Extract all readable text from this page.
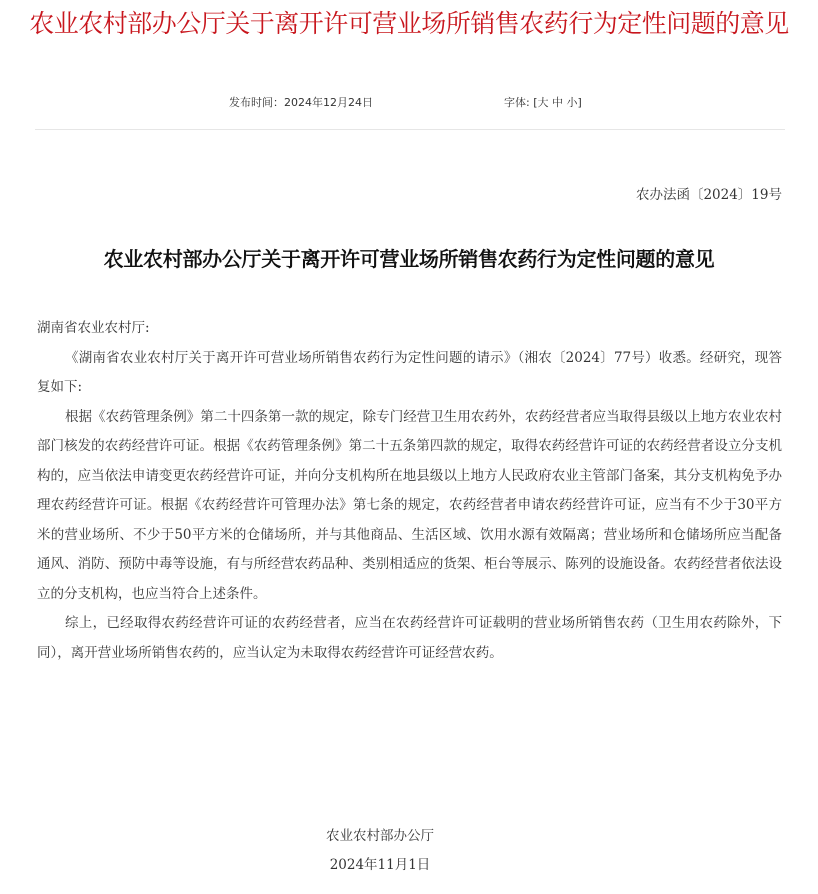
农业农村部办公厅关于离开许可营业场所销售农药行为定性问题的意见
发布时间：2024年12月24日	字体: [大 中 小]
农办法函〔2024〕19号
农业农村部办公厅关于离开许可营业场所销售农药行为定性问题的意见

湖南省农业农村厅:

《湖南省农业农村厅关于离开许可营业场所销售农药行为定性问题的请示》（湘农〔2024〕77号）收悉。经研究，现答复如下:

根据《农药管理条例》第二十四条第一款的规定，除专门经营卫生用农药外，农药经营者应当取得县级以上地方农业农村部门核发的农药经营许可证。根据《农药管理条例》第二十五条第四款的规定，取得农药经营许可证的农药经营者设立分支机构的，应当依法申请变更农药经营许可证，并向分支机构所在地县级以上地方人民政府农业主管部门备案，其分支机构免予办理农药经营许可证。根据《农药经营许可管理办法》第七条的规定，农药经营者申请农药经营许可证，应当有不少于30平方米的营业场所、不少于50平方米的仓储场所，并与其他商品、生活区域、饮用水源有效隔离；营业场所和仓储场所应当配备通风、消防、预防中毒等设施，有与所经营农药品种、类别相适应的货架、柜台等展示、陈列的设施设备。农药经营者依法设立的分支机构，也应当符合上述条件。

综上，已经取得农药经营许可证的农药经营者，应当在农药经营许可证载明的营业场所销售农药（卫生用农药除外，下同），离开营业场所销售农药的，应当认定为未取得农药经营许可证经营农药。

农业农村部办公厅
2024年11月1日
